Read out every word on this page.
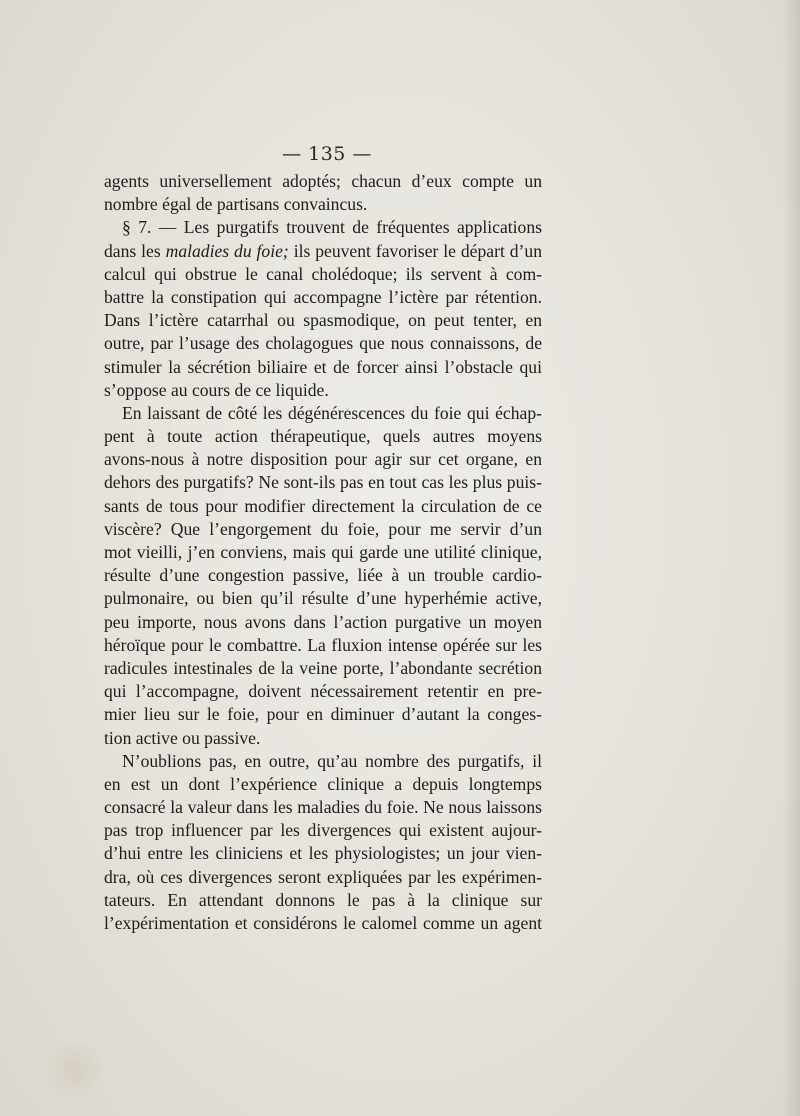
— 135 —
agents universellement adoptés; chacun d’eux compte un
nombre égal de partisans convaincus.
§ 7. — Les purgatifs trouvent de fréquentes applications
dans les maladies du foie; ils peuvent favoriser le départ d’un
calcul qui obstrue le canal cholédoque; ils servent à com-
battre la constipation qui accompagne l’ictère par rétention.
Dans l’ictère catarrhal ou spasmodique, on peut tenter, en
outre, par l’usage des cholagogues que nous connaissons, de
stimuler la sécrétion biliaire et de forcer ainsi l’obstacle qui
s’oppose au cours de ce liquide.
En laissant de côté les dégénérescences du foie qui échap-
pent à toute action thérapeutique, quels autres moyens
avons-nous à notre disposition pour agir sur cet organe, en
dehors des purgatifs? Ne sont-ils pas en tout cas les plus puis-
sants de tous pour modifier directement la circulation de ce
viscère? Que l’engorgement du foie, pour me servir d’un
mot vieilli, j’en conviens, mais qui garde une utilité clinique,
résulte d’une congestion passive, liée à un trouble cardio-
pulmonaire, ou bien qu’il résulte d’une hyperhémie active,
peu importe, nous avons dans l’action purgative un moyen
héroïque pour le combattre. La fluxion intense opérée sur les
radicules intestinales de la veine porte, l’abondante secrétion
qui l’accompagne, doivent nécessairement retentir en pre-
mier lieu sur le foie, pour en diminuer d’autant la conges-
tion active ou passive.
N’oublions pas, en outre, qu’au nombre des purgatifs, il
en est un dont l’expérience clinique a depuis longtemps
consacré la valeur dans les maladies du foie. Ne nous laissons
pas trop influencer par les divergences qui existent aujour-
d’hui entre les cliniciens et les physiologistes; un jour vien-
dra, où ces divergences seront expliquées par les expérimen-
tateurs. En attendant donnons le pas à la clinique sur
l’expérimentation et considérons le calomel comme un agent
